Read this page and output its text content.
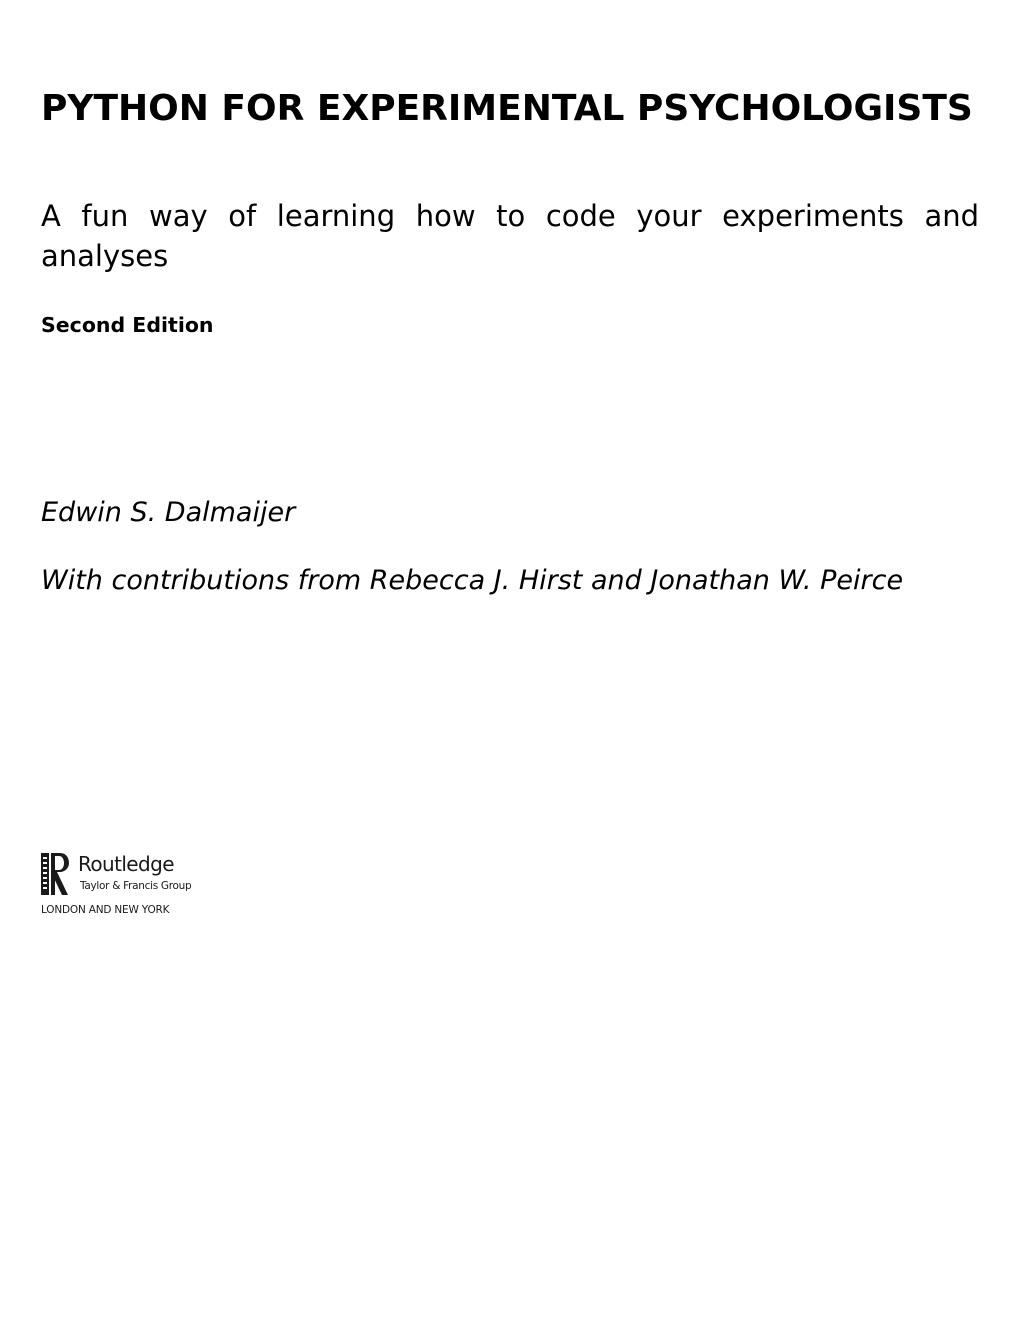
PYTHON FOR EXPERIMENTAL PSYCHOLOGISTS

A fun way of learning how to code your experiments and analyses

Second Edition

Edwin S. Dalmaijer

With contributions from Rebecca J. Hirst and Jonathan W. Peirce

Routledge
Taylor & Francis Group
LONDON AND NEW YORK
